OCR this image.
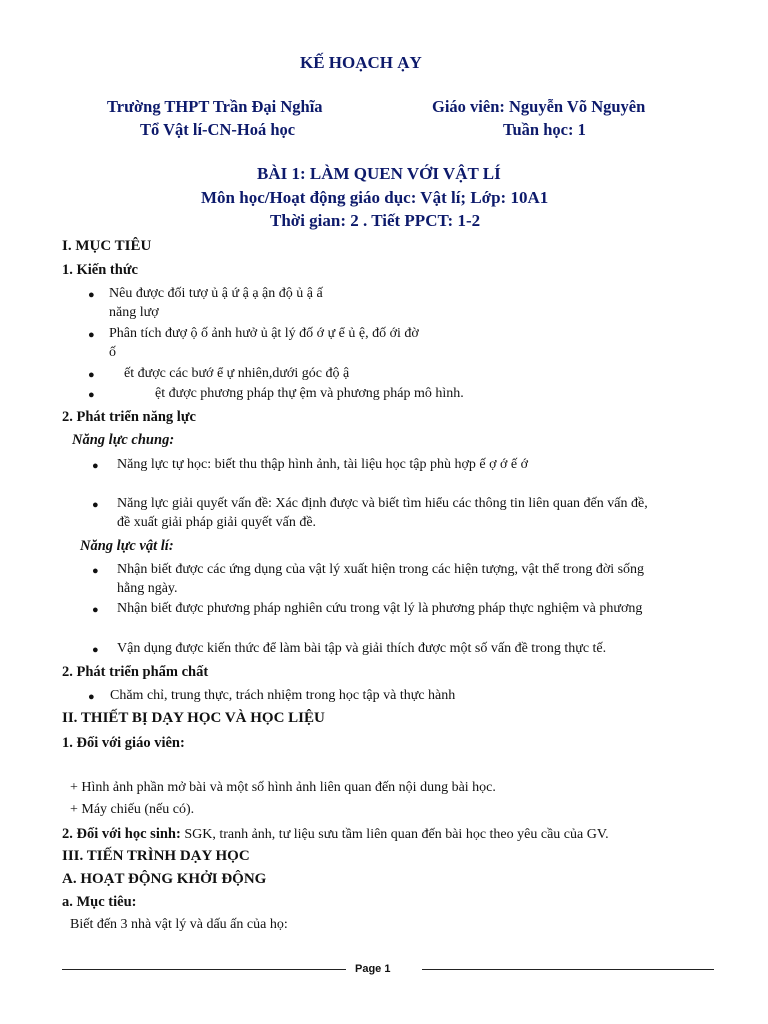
KẾ HOẠCH ẠY
Trường THPT Trần Đại Nghĩa	Giáo viên: Nguyễn Võ Nguyên
Tổ Vật lí-CN-Hoá học	Tuần học: 1
BÀI 1: LÀM QUEN VỚI VẬT LÍ
Môn học/Hoạt động giáo dục: Vật lí; Lớp: 10A1
Thời gian: 2 . Tiết PPCT: 1-2
I. MỤC TIÊU
1. Kiến thức
● Nêu được đối tượ ủ ậ ứ ậ ạ ận độ ủ ậ ấ
năng lượ
● Phân tích đượ ộ ố ảnh hưở ủ ật lý đố ớ ự ể ủ ệ, đố ới đờ
ố
● ết được các bướ ể ự nhiên,dưới góc độ ậ
●	ệt được phương pháp thự ệm và phương pháp mô hình.
2. Phát triển năng lực
Năng lực chung:
● Năng lực tự học: biết thu thập hình ảnh, tài liệu học tập phù hợp ế ợ ớ ế ớ
● Năng lực giải quyết vấn đề: Xác định được và biết tìm hiểu các thông tin liên quan đến vấn đề,
đề xuất giải pháp giải quyết vấn đề.
Năng lực vật lí:
● Nhận biết được các ứng dụng của vật lý xuất hiện trong các hiện tượng, vật thể trong đời sống
hằng ngày.
● Nhận biết được phương pháp nghiên cứu trong vật lý là phương pháp thực nghiệm và phương
● Vận dụng được kiến thức để làm bài tập và giải thích được một số vấn đề trong thực tế.
2. Phát triển phẩm chất
● Chăm chỉ, trung thực, trách nhiệm trong học tập và thực hành
II. THIẾT BỊ DẠY HỌC VÀ HỌC LIỆU
1. Đối với giáo viên:
+ Hình ảnh phần mở bài và một số hình ảnh liên quan đến nội dung bài học.
+ Máy chiếu (nếu có).
2. Đối với học sinh: SGK, tranh ảnh, tư liệu sưu tầm liên quan đến bài học theo yêu cầu của GV.
III. TIẾN TRÌNH DẠY HỌC
A. HOẠT ĐỘNG KHỞI ĐỘNG
a. Mục tiêu:
Biết đến 3 nhà vật lý và dấu ấn của họ:
Page 1
